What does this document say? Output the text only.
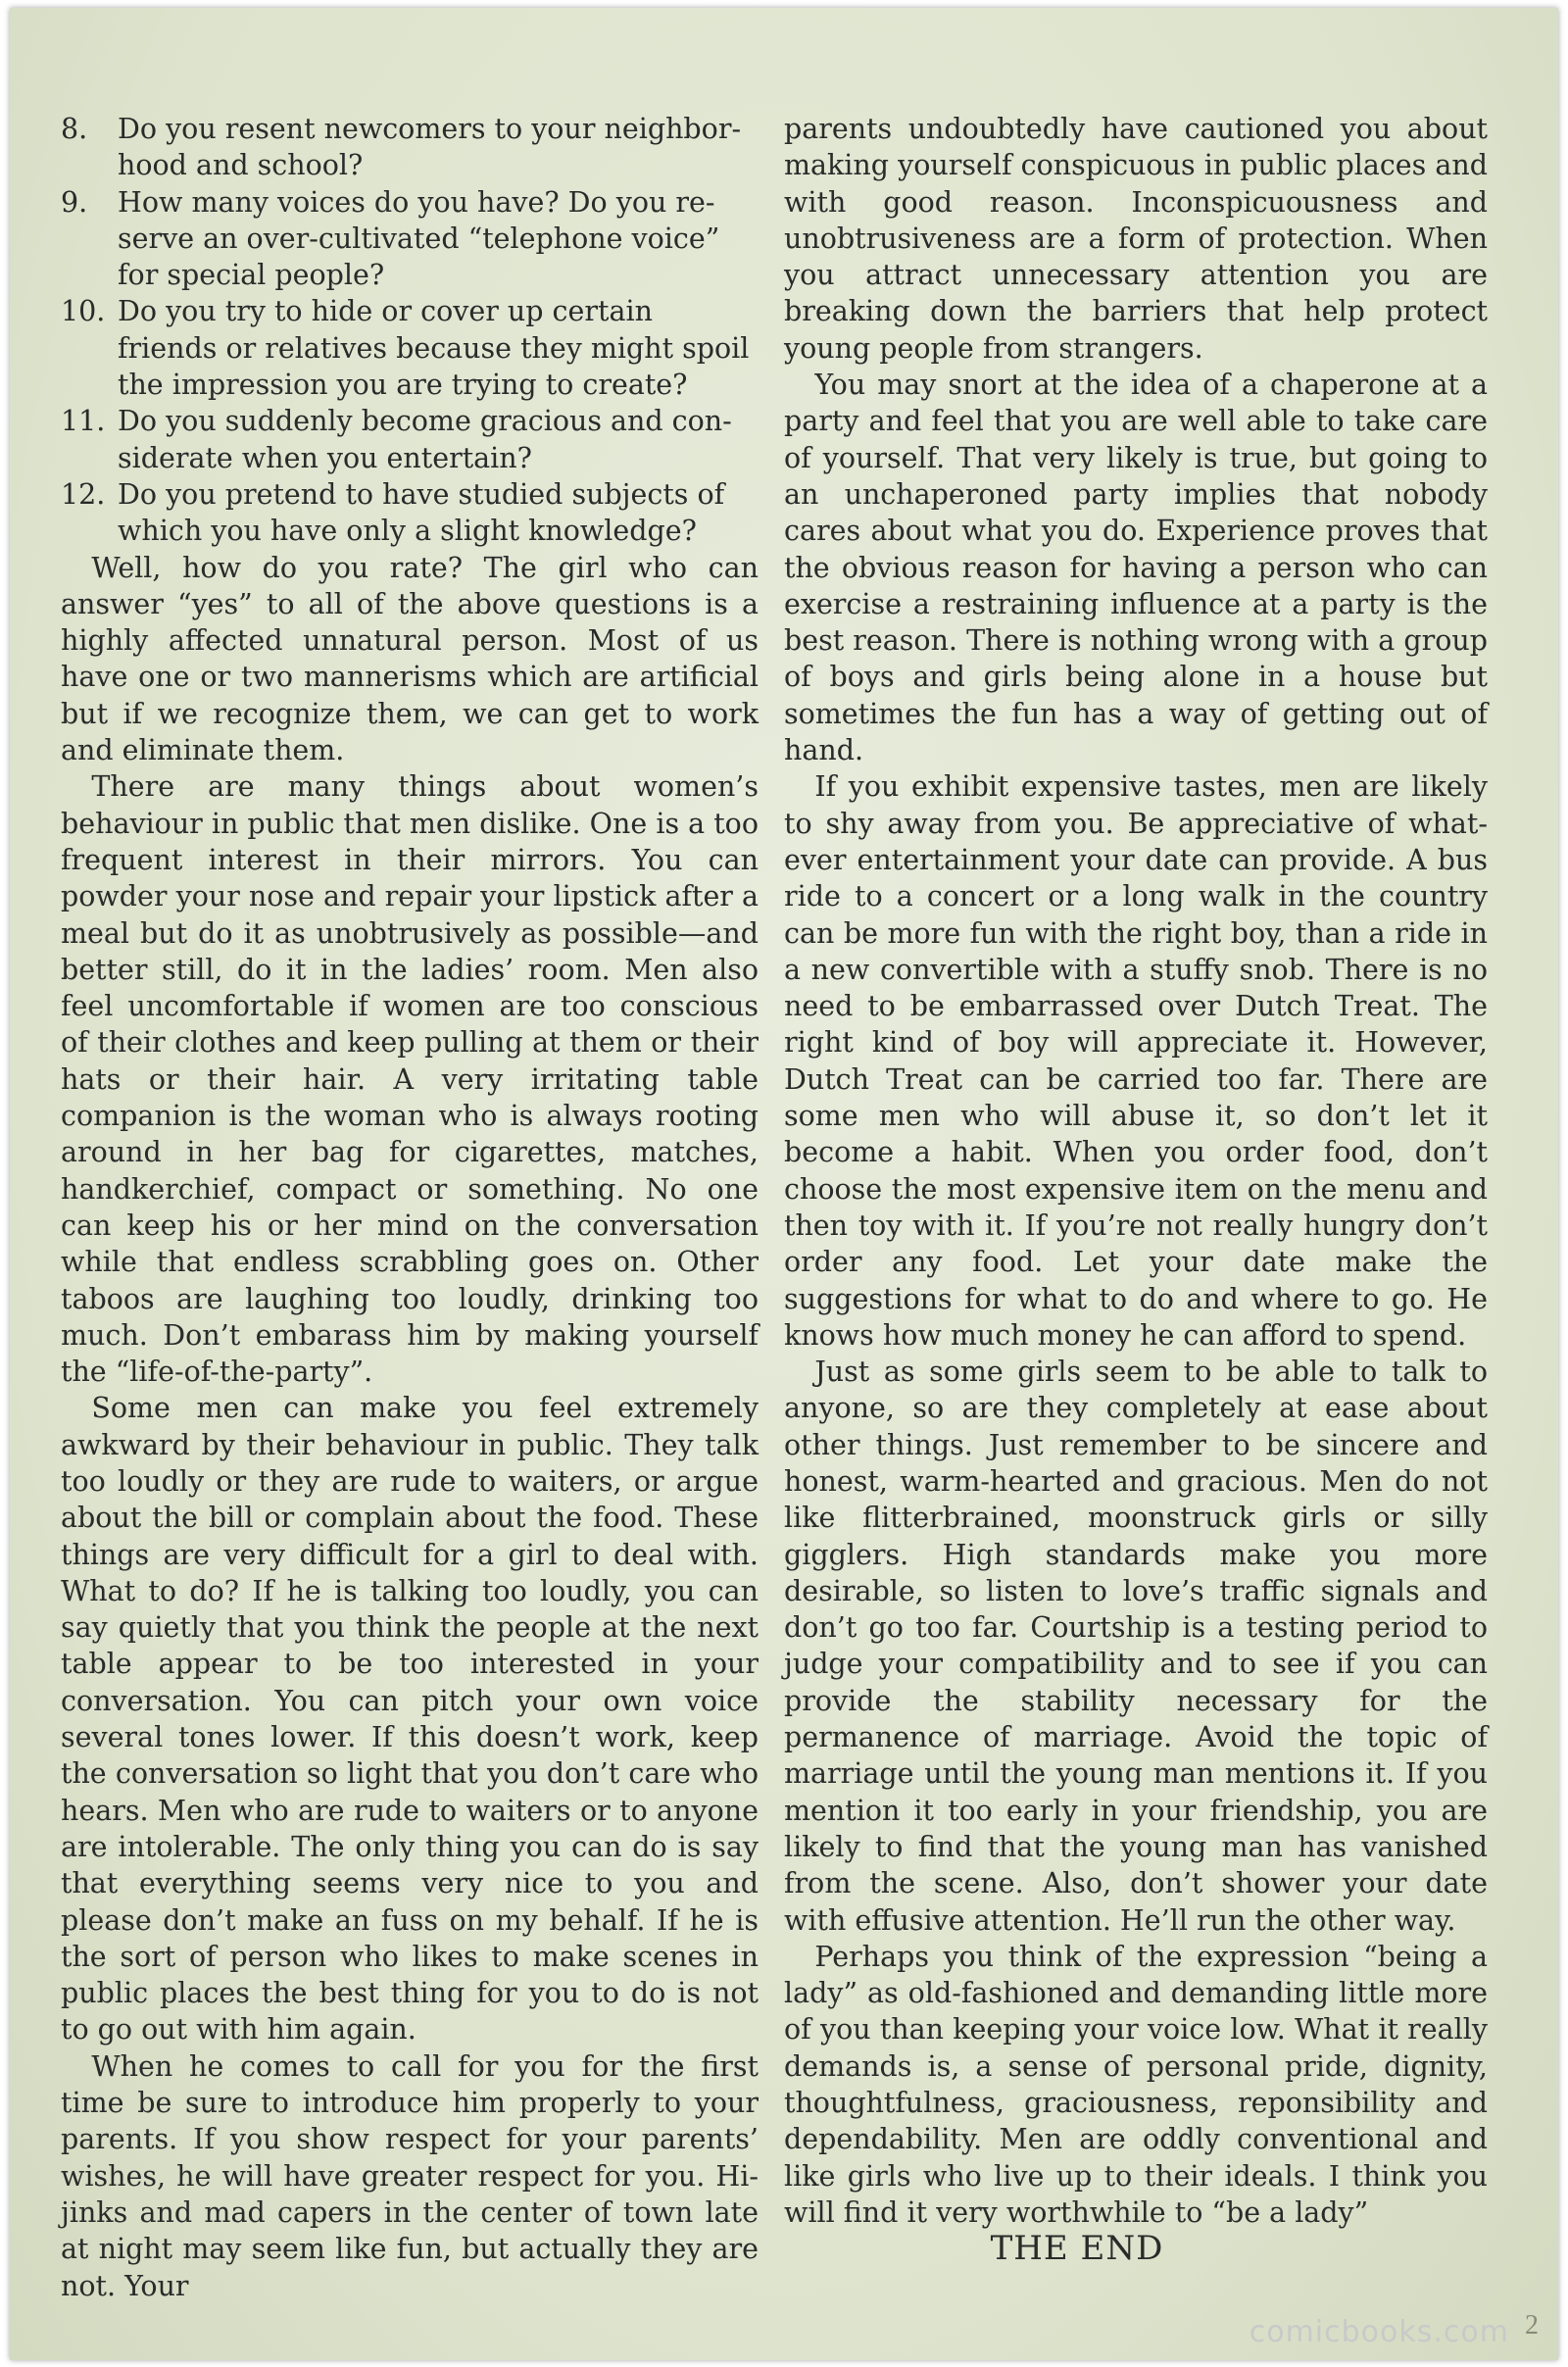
8.	Do you resent newcomers to your neighborhood and school?
9.	How many voices do you have? Do you reserve an over-cultivated “telephone voice” for special people?
10. Do you try to hide or cover up certain friends or relatives because they might spoil the impression you are trying to create?
11. Do you suddenly become gracious and considerate when you entertain?
12. Do you pretend to have studied subjects of which you have only a slight knowledge?

Well, how do you rate? The girl who can answer “yes” to all of the above questions is a highly affected unnatural person. Most of us have one or two mannerisms which are artificial but if we recognize them, we can get to work and eliminate them.

There are many things about women’s behaviour in public that men dislike. One is a too frequent interest in their mirrors. You can powder your nose and repair your lipstick after a meal but do it as unobtrusively as possible—and better still, do it in the ladies’ room. Men also feel uncomfortable if women are too conscious of their clothes and keep pulling at them or their hats or their hair. A very irritating table companion is the woman who is always rooting around in her bag for cigarettes, matches, handkerchief, compact or something. No one can keep his or her mind on the conversation while that endless scrabbling goes on. Other taboos are laughing too loudly, drinking too much. Don’t embarass him by making yourself the “life-of-the-party”.

Some men can make you feel extremely awkward by their behaviour in public. They talk too loudly or they are rude to waiters, or argue about the bill or complain about the food. These things are very difficult for a girl to deal with. What to do? If he is talking too loudly, you can say quietly that you think the people at the next table appear to be too interested in your conversation. You can pitch your own voice several tones lower. If this doesn’t work, keep the conversation so light that you don’t care who hears. Men who are rude to waiters or to anyone are intolerable. The only thing you can do is say that everything seems very nice to you and please don’t make an fuss on my behalf. If he is the sort of person who likes to make scenes in public places the best thing for you to do is not to go out with him again.

When he comes to call for you for the first time be sure to introduce him properly to your parents. If you show respect for your parents’ wishes, he will have greater respect for you. Hi-jinks and mad capers in the center of town late at night may seem like fun, but actually they are not. Your

parents undoubtedly have cautioned you about making yourself conspicuous in public places and with good reason. Inconspicuousness and unobtrusiveness are a form of protection. When you attract unnecessary attention you are breaking down the barriers that help protect young people from strangers.

You may snort at the idea of a chaperone at a party and feel that you are well able to take care of yourself. That very likely is true, but going to an unchaperoned party implies that nobody cares about what you do. Experience proves that the obvious reason for having a person who can exercise a restraining influence at a party is the best reason. There is nothing wrong with a group of boys and girls being alone in a house but sometimes the fun has a way of getting out of hand.

If you exhibit expensive tastes, men are likely to shy away from you. Be appreciative of whatever entertainment your date can provide. A bus ride to a concert or a long walk in the country can be more fun with the right boy, than a ride in a new convertible with a stuffy snob. There is no need to be embarrassed over Dutch Treat. The right kind of boy will appreciate it. However, Dutch Treat can be carried too far. There are some men who will abuse it, so don’t let it become a habit. When you order food, don’t choose the most expensive item on the menu and then toy with it. If you’re not really hungry don’t order any food. Let your date make the suggestions for what to do and where to go. He knows how much money he can afford to spend.

Just as some girls seem to be able to talk to anyone, so are they completely at ease about other things. Just remember to be sincere and honest, warm-hearted and gracious. Men do not like flitterbrained, moonstruck girls or silly gigglers. High standards make you more desirable, so listen to love’s traffic signals and don’t go too far. Courtship is a testing period to judge your compatibility and to see if you can provide the stability necessary for the permanence of marriage. Avoid the topic of marriage until the young man mentions it. If you mention it too early in your friendship, you are likely to find that the young man has vanished from the scene. Also, don’t shower your date with effusive attention. He’ll run the other way.

Perhaps you think of the expression “being a lady” as old-fashioned and demanding little more of you than keeping your voice low. What it really demands is, a sense of personal pride, dignity, thoughtfulness, graciousness, reponsibility and dependability. Men are oddly conventional and like girls who live up to their ideals. I think you will find it very worthwhile to “be a lady”

THE END

comicbooks.com 2
